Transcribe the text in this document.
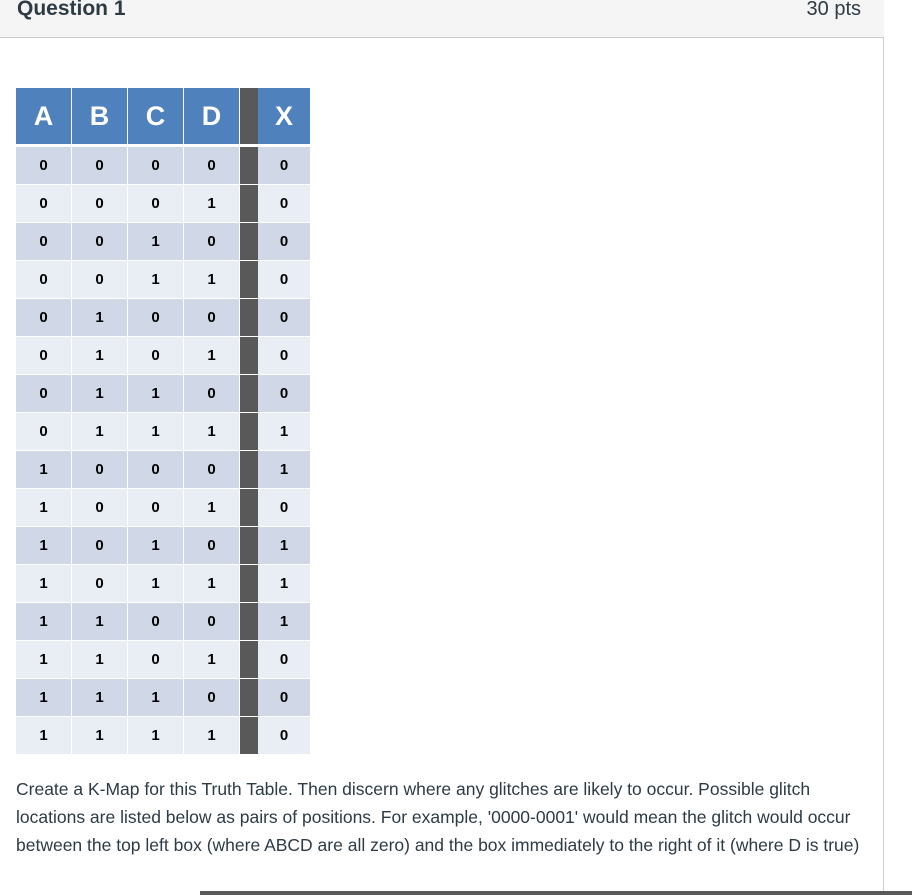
Question 1	30 pts
A	B	C	D		X
0	0	0	0		0
0	0	0	1		0
0	0	1	0		0
0	0	1	1		0
0	1	0	0		0
0	1	0	1		0
0	1	1	0		0
0	1	1	1		1
1	0	0	0		1
1	0	0	1		0
1	0	1	0		1
1	0	1	1		1
1	1	0	0		1
1	1	0	1		0
1	1	1	0		0
1	1	1	1		0
Create a K-Map for this Truth Table. Then discern where any glitches are likely to occur. Possible glitch locations are listed below as pairs of positions. For example, '0000-0001' would mean the glitch would occur between the top left box (where ABCD are all zero) and the box immediately to the right of it (where D is true)
